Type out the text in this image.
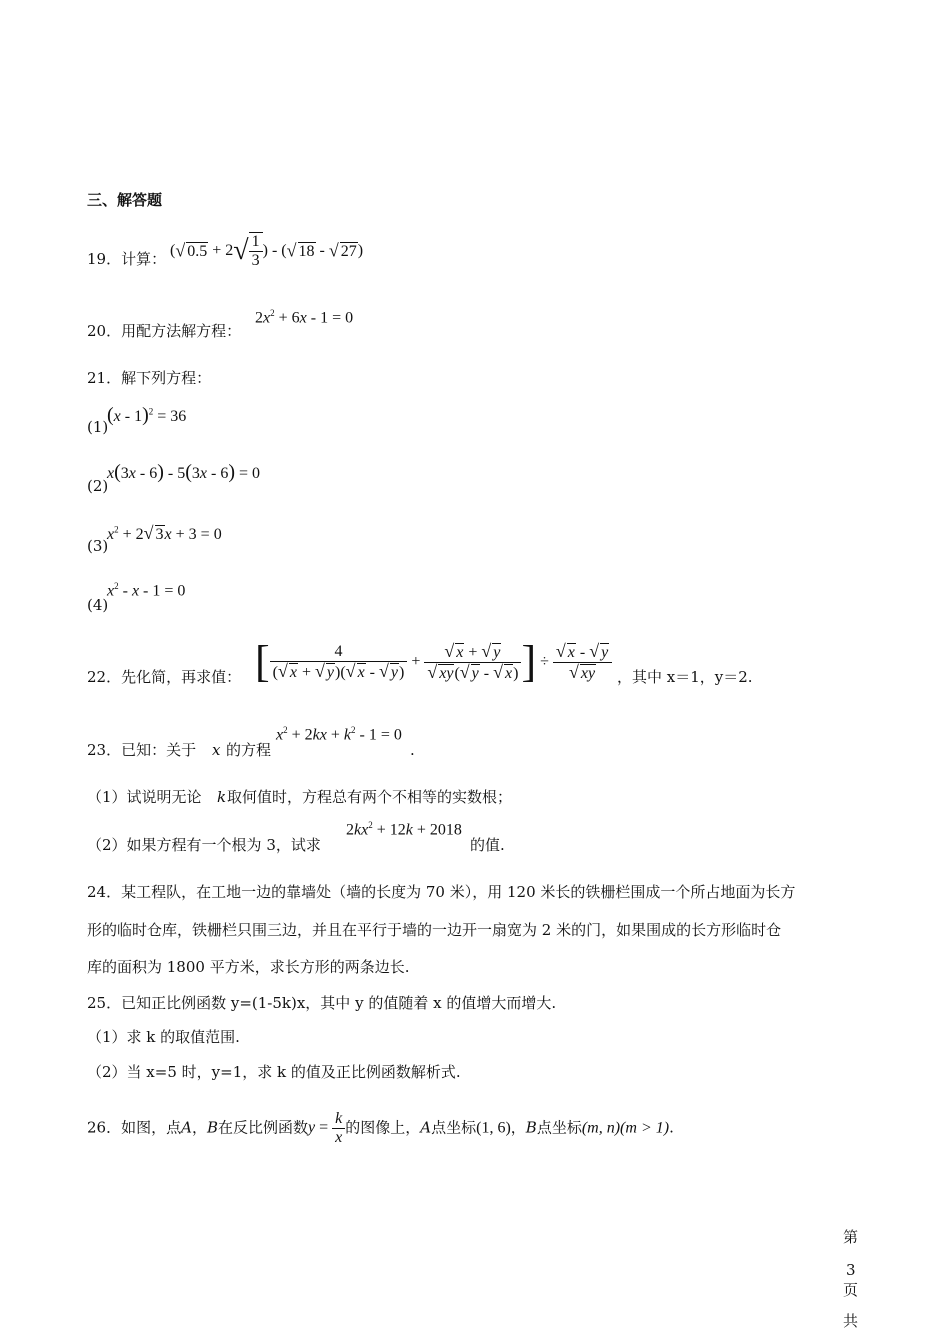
三、解答题
19．计算： (√ $0.5 + 2√ \frac{1}{3}$ ) - (√ 18 - √ 27)
20．用配方法解方程：
$2x^2 + 6x - 1 = 0$
21．解下列方程：
(1)
(x - 1)$^2$ = 36
(2)
x(3x - 6) - 5(3x - 6) = 0
(3)
$x^2 + 2√$ 3x + 3 = 0
(4)
$x^2 - x - 1 = 0$
22．先化简，再求值： [ $\frac{4}{(√ x + √ y)(√ x - √ y)} + \frac{√ x + √ y}{√ xy(√ y - √ x)}$ ] ÷ $\frac{√ x - √ y}{√ xy}$ ，其中 x＝1，y＝2.
23．已知：关于 x 的方程
$x^2 + 2kx + k^2 - 1 = 0$
.
（1）试说明无论 k 取何值时，方程总有两个不相等的实数根；
（2）如果方程有一个根为 3，试求
$2kx^2 + 12k + 2018$
的值.
24．某工程队，在工地一边的靠墙处（墙的长度为 70 米），用 120 米长的铁栅栏围成一个所占地面为长方
形的临时仓库，铁栅栏只围三边，并且在平行于墙的一边开一扇宽为 2 米的门，如果围成的长方形临时仓
库的面积为 1800 平方米，求长方形的两条边长.
25．已知正比例函数 y=(1-5k)x，其中 y 的值随着 x 的值增大而增大.
（1）求 k 的取值范围.
（2）当 x=5 时，y=1，求 k 的值及正比例函数解析式.
26．如图，点A，B在反比例函数$y = \frac{k}{x}$ 的图像上，A点坐标(1, 6)，B点坐标(m, n)(m > 1).
第
3
页
共
